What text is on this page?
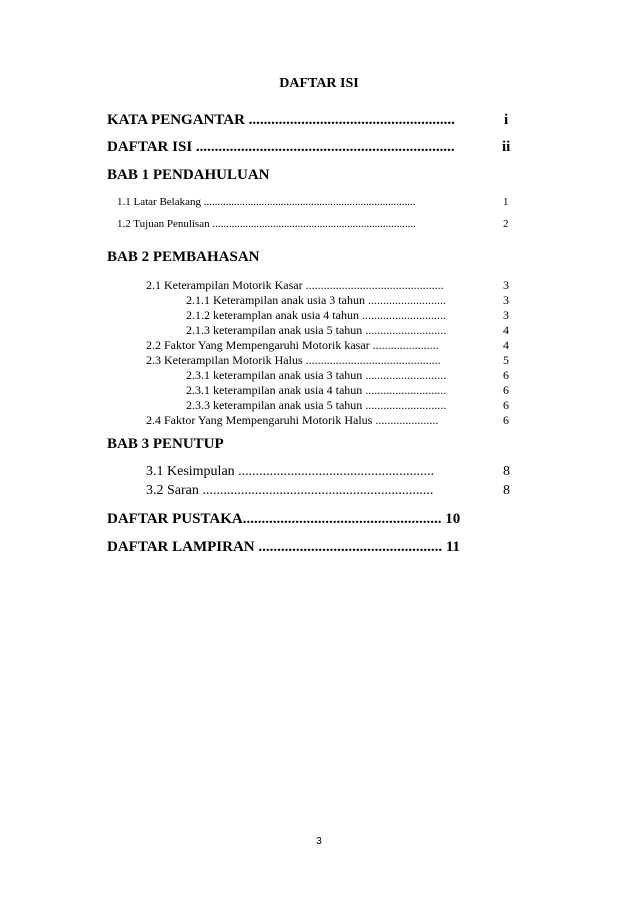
DAFTAR ISI
KATA PENGANTAR .......................................................	i
DAFTAR ISI .....................................................................	ii
BAB 1 PENDAHULUAN
1.1 Latar Belakang .............................................................................	1
1.2 Tujuan Penulisan ..........................................................................	2
BAB 2 PEMBAHASAN
2.1 Keterampilan Motorik Kasar ..............................................	3
2.1.1 Keterampilan anak usia 3 tahun ..........................	3
2.1.2 keteramplan anak usia 4 tahun ............................	3
2.1.3 keterampilan anak usia 5 tahun ...........................	4
2.2 Faktor Yang Mempengaruhi Motorik kasar ......................	4
2.3 Keterampilan Motorik Halus .............................................	5
2.3.1 keterampilan anak usia 3 tahun ...........................	6
2.3.1 keterampilan anak usia 4 tahun ...........................	6
2.3.3 keterampilan anak usia 5 tahun ...........................	6
2.4 Faktor Yang Mempengaruhi Motorik Halus .....................	6
BAB 3 PENUTUP
3.1 Kesimpulan ........................................................	8
3.2 Saran ..................................................................	8
DAFTAR PUSTAKA..................................................... 10
DAFTAR LAMPIRAN ................................................. 11
3
